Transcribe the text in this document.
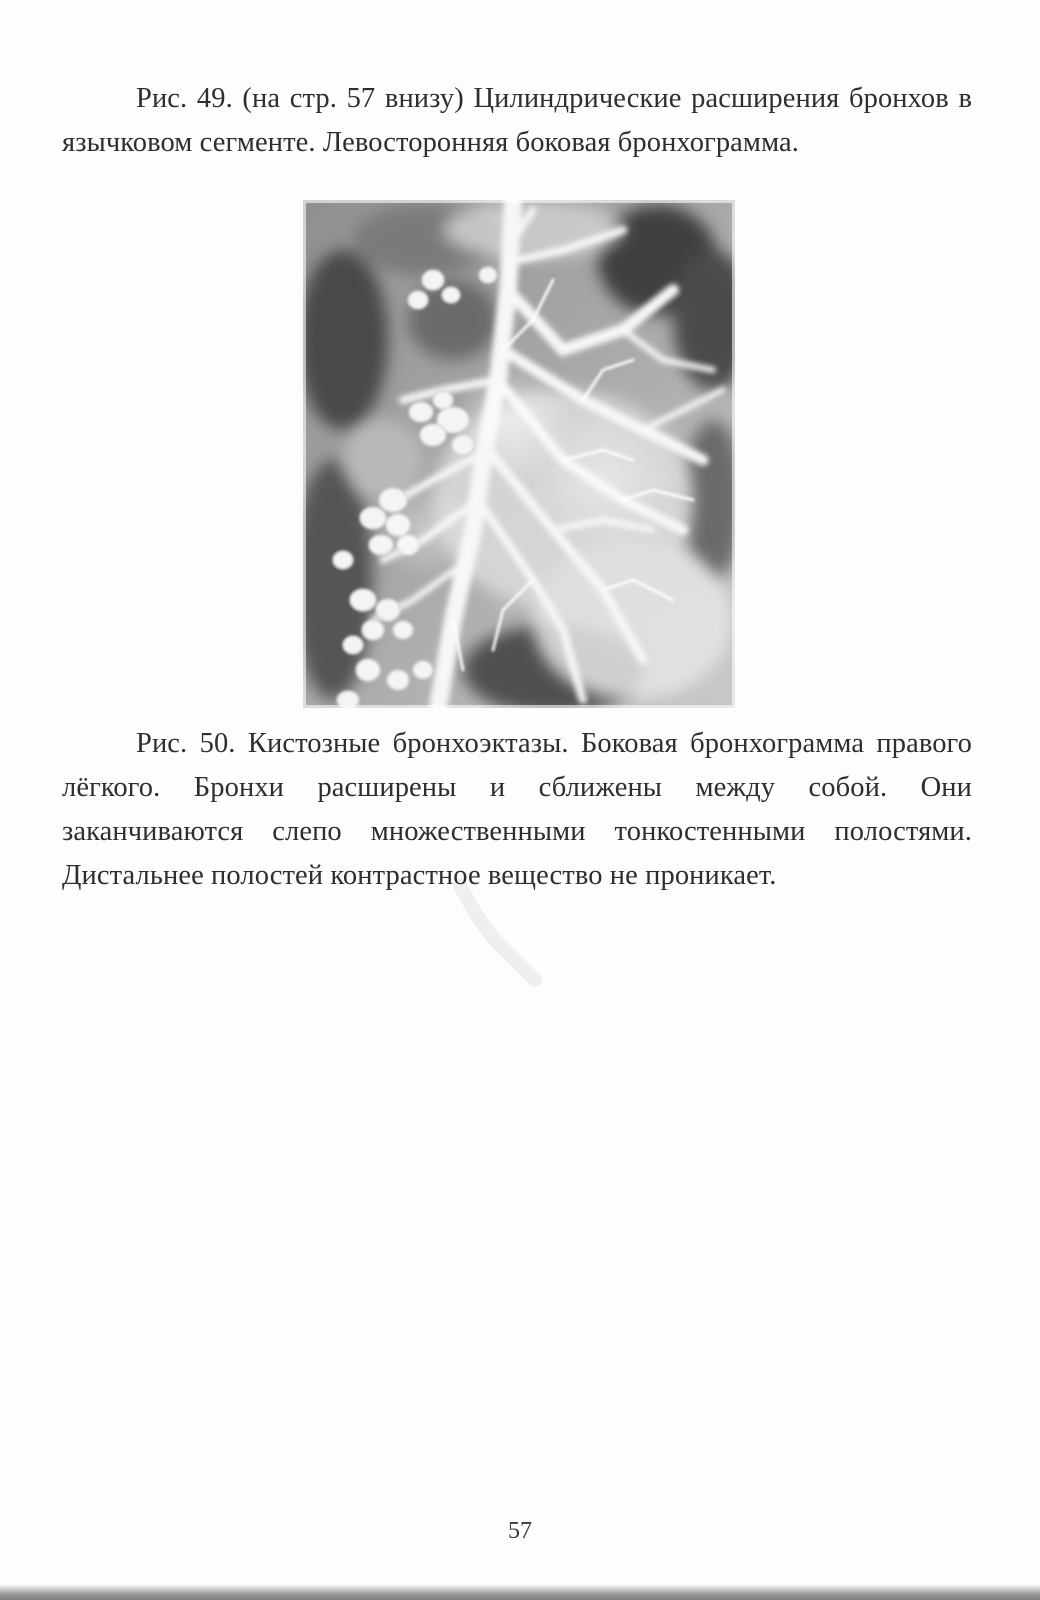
Рис. 49. (на стр. 57 внизу) Цилиндрические расширения бронхов в язычковом сегменте. Левосторонняя боковая бронхограмма.

Рис. 50. Кистозные бронхоэктазы. Боковая бронхограмма правого лёгкого. Бронхи расширены и сближены между собой. Они заканчиваются слепо множественными тонкостенными полостями. Дистальнее полостей контрастное вещество не проникает.

57
